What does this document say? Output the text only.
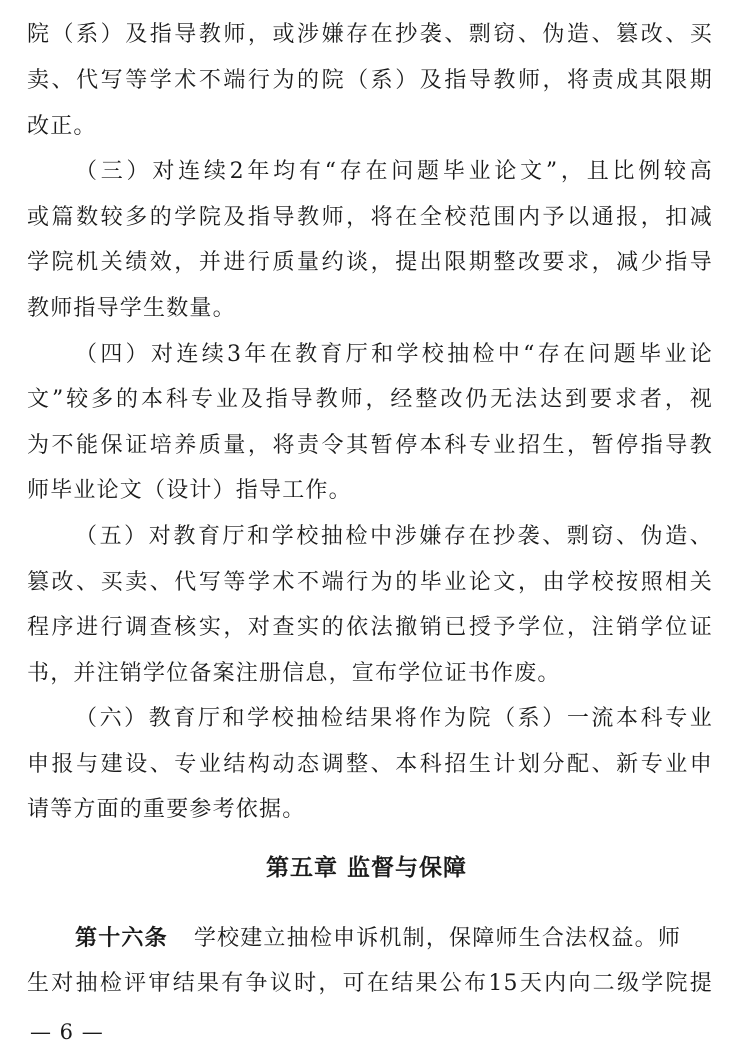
院（系）及指导教师，或涉嫌存在抄袭、剽窃、伪造、篡改、买
卖、代写等学术不端行为的院（系）及指导教师，将责成其限期
改正。
（三）对连续2年均有“存在问题毕业论文”，且比例较高
或篇数较多的学院及指导教师，将在全校范围内予以通报，扣减
学院机关绩效，并进行质量约谈，提出限期整改要求，减少指导
教师指导学生数量。
（四）对连续3年在教育厅和学校抽检中“存在问题毕业论
文”较多的本科专业及指导教师，经整改仍无法达到要求者，视
为不能保证培养质量，将责令其暂停本科专业招生，暂停指导教
师毕业论文（设计）指导工作。
（五）对教育厅和学校抽检中涉嫌存在抄袭、剽窃、伪造、
篡改、买卖、代写等学术不端行为的毕业论文，由学校按照相关
程序进行调查核实，对查实的依法撤销已授予学位，注销学位证
书，并注销学位备案注册信息，宣布学位证书作废。
（六）教育厅和学校抽检结果将作为院（系）一流本科专业
申报与建设、专业结构动态调整、本科招生计划分配、新专业申
请等方面的重要参考依据。
第五章 监督与保障
第十六条 学校建立抽检申诉机制，保障师生合法权益。师
生对抽检评审结果有争议时，可在结果公布15天内向二级学院提
— 6 —
